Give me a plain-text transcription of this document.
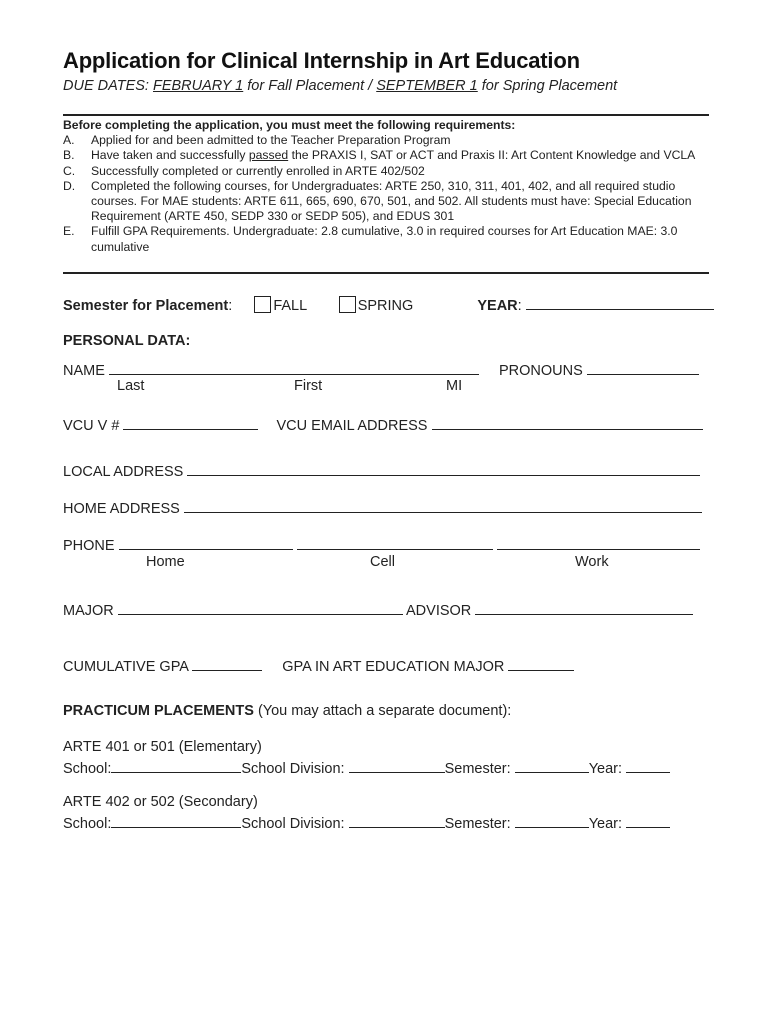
Application for Clinical Internship in Art Education
DUE DATES: FEBRUARY 1 for Fall Placement / SEPTEMBER 1 for Spring Placement
Before completing the application, you must meet the following requirements:
A.	Applied for and been admitted to the Teacher Preparation Program
B.	Have taken and successfully passed the PRAXIS I, SAT or ACT and Praxis II: Art Content Knowledge and VCLA
C.	Successfully completed or currently enrolled in ARTE 402/502
D.	Completed the following courses, for Undergraduates: ARTE 250, 310, 311, 401, 402, and all required studio courses. For MAE students: ARTE 611, 665, 690, 670, 501, and 502. All students must have: Special Education Requirement (ARTE 450, SEDP 330 or SEDP 505), and EDUS 301
E.	Fulfill GPA Requirements. Undergraduate: 2.8 cumulative, 3.0 in required courses for Art Education MAE: 3.0 cumulative
Semester for Placement:	FALL	SPRING	YEAR:
PERSONAL DATA:
NAME	PRONOUNS
Last	First	MI
VCU V #	VCU EMAIL ADDRESS
LOCAL ADDRESS
HOME ADDRESS
PHONE
Home	Cell	Work
MAJOR	ADVISOR
CUMULATIVE GPA	GPA IN ART EDUCATION MAJOR
PRACTICUM PLACEMENTS (You may attach a separate document):
ARTE 401 or 501 (Elementary)
School:	School Division:	Semester:	Year:
ARTE 402 or 502 (Secondary)
School:	School Division:	Semester:	Year:
